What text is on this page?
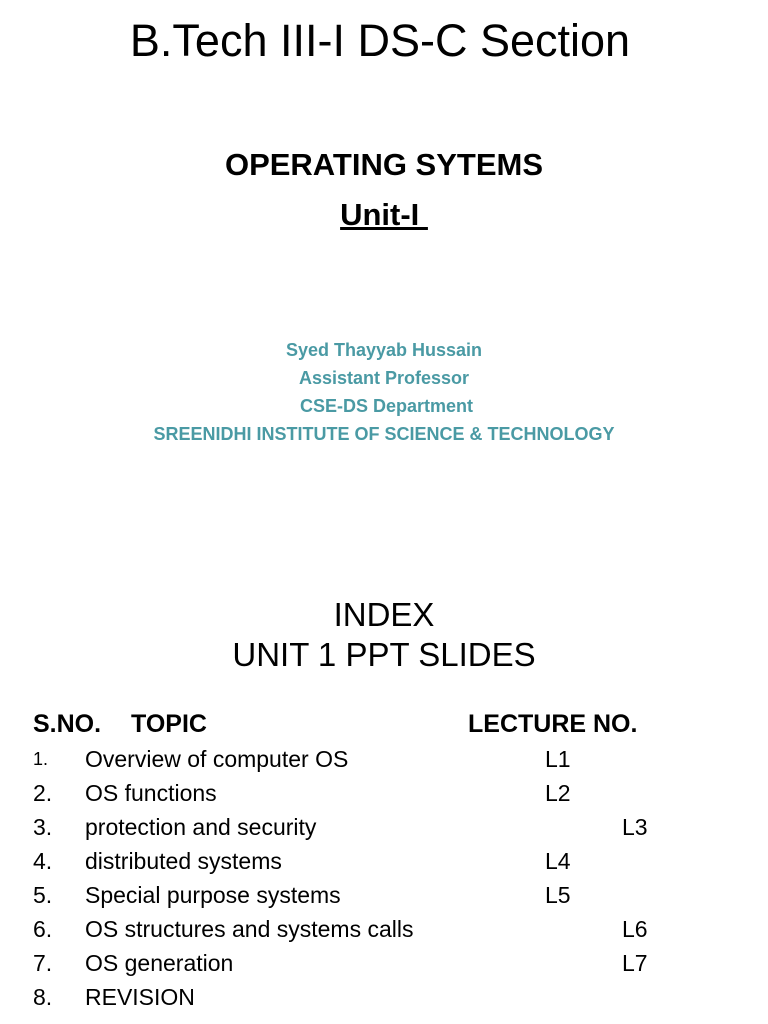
B.Tech III-I DS-C Section
OPERATING SYTEMS
Unit-I
Syed Thayyab Hussain
Assistant Professor
CSE-DS Department
SREENIDHI INSTITUTE OF SCIENCE & TECHNOLOGY
INDEX
UNIT 1 PPT SLIDES
S.NO. TOPIC	LECTURE NO.
1. Overview of computer OS	L1
2. OS functions	L2
3. protection and security	L3
4. distributed systems	L4
5. Special purpose systems	L5
6. OS structures and systems calls	L6
7. OS generation	L7
8. REVISION
